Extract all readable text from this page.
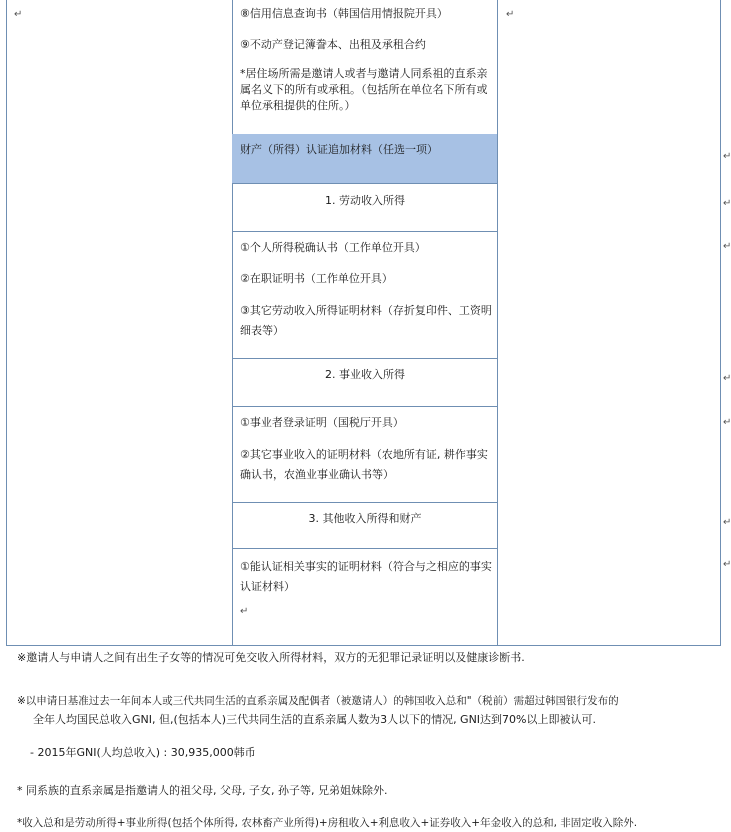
↵	↵
↵
↵
↵
↵
↵
↵
↵
↵
⑧信用信息查询书（韩国信用情报院开具）
⑨不动产登记簿誊本、出租及承租合约
*居住场所需是邀请人或者与邀请人同系祖的直系亲属名义下的所有或承租。（包括所在单位名下所有或单位承租提供的住所。）
财产（所得）认证追加材料（任选一项）
1. 劳动收入所得
①个人所得税确认书（工作单位开具）
②在职证明书（工作单位开具）
③其它劳动收入所得证明材料（存折复印件、工资明细表等）
2. 事业收入所得
①事业者登录证明（国税厅开具）
②其它事业收入的证明材料（农地所有证, 耕作事实确认书，农渔业事业确认书等）
3. 其他收入所得和财产
①能认证相关事实的证明材料（符合与之相应的事实认证材料）
※邀请人与申请人之间有出生子女等的情况可免交收入所得材料，双方的无犯罪记录证明以及健康诊断书.
※以申请日基准过去一年间本人或三代共同生活的直系亲属及配偶者（被邀请人）的韩国收入总和"（税前）需超过韩国银行发布的
全年人均国民总收入GNI, 但,(包括本人)三代共同生活的直系亲属人数为3人以下的情况, GNI达到70%以上即被认可.
- 2015年GNI(人均总收入) : 30,935,000韩币
* 同系族的直系亲属是指邀请人的祖父母, 父母, 子女, 孙子等, 兄弟姐妹除外.
*收入总和是劳动所得+事业所得(包括个体所得, 农林畜产业所得)+房租收入+利息收入+证券收入+年金收入的总和, 非固定收入除外.
